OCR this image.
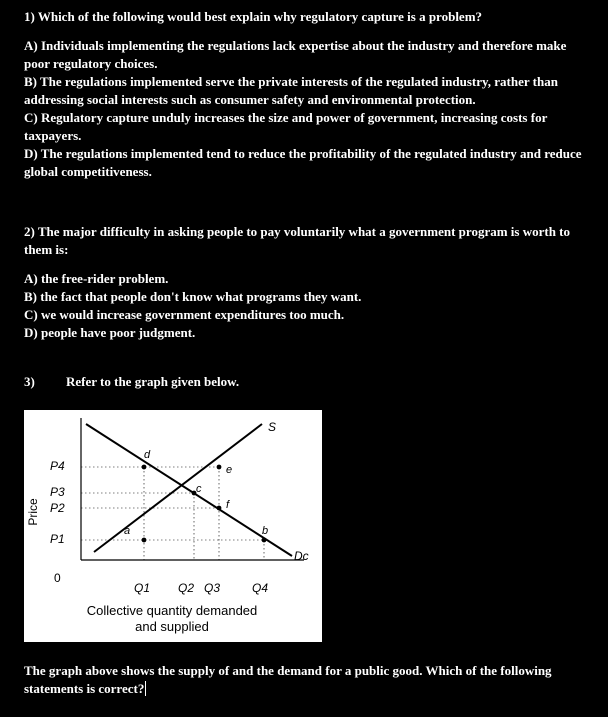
1) Which of the following would best explain why regulatory capture is a problem?

A) Individuals implementing the regulations lack expertise about the industry and therefore make poor regulatory choices.

B) The regulations implemented serve the private interests of the regulated industry, rather than addressing social interests such as consumer safety and environmental protection.

C) Regulatory capture unduly increases the size and power of government, increasing costs for taxpayers.

D) The regulations implemented tend to reduce the profitability of the regulated industry and reduce global competitiveness.

2) The major difficulty in asking people to pay voluntarily what a government program is worth to them is:

A) the free-rider problem.

B) the fact that people don't know what programs they want.

C) we would increase government expenditures too much.

D) people have poor judgment.

3) Refer to the graph given below.
P4
P3
P2
P1
Price
0
Q1 Q2 Q3	Q4
d
e
c
f
a	b
S
Dc
Collective quantity demanded
and supplied
The graph above shows the supply of and the demand for a public good. Which of the following statements is correct?
